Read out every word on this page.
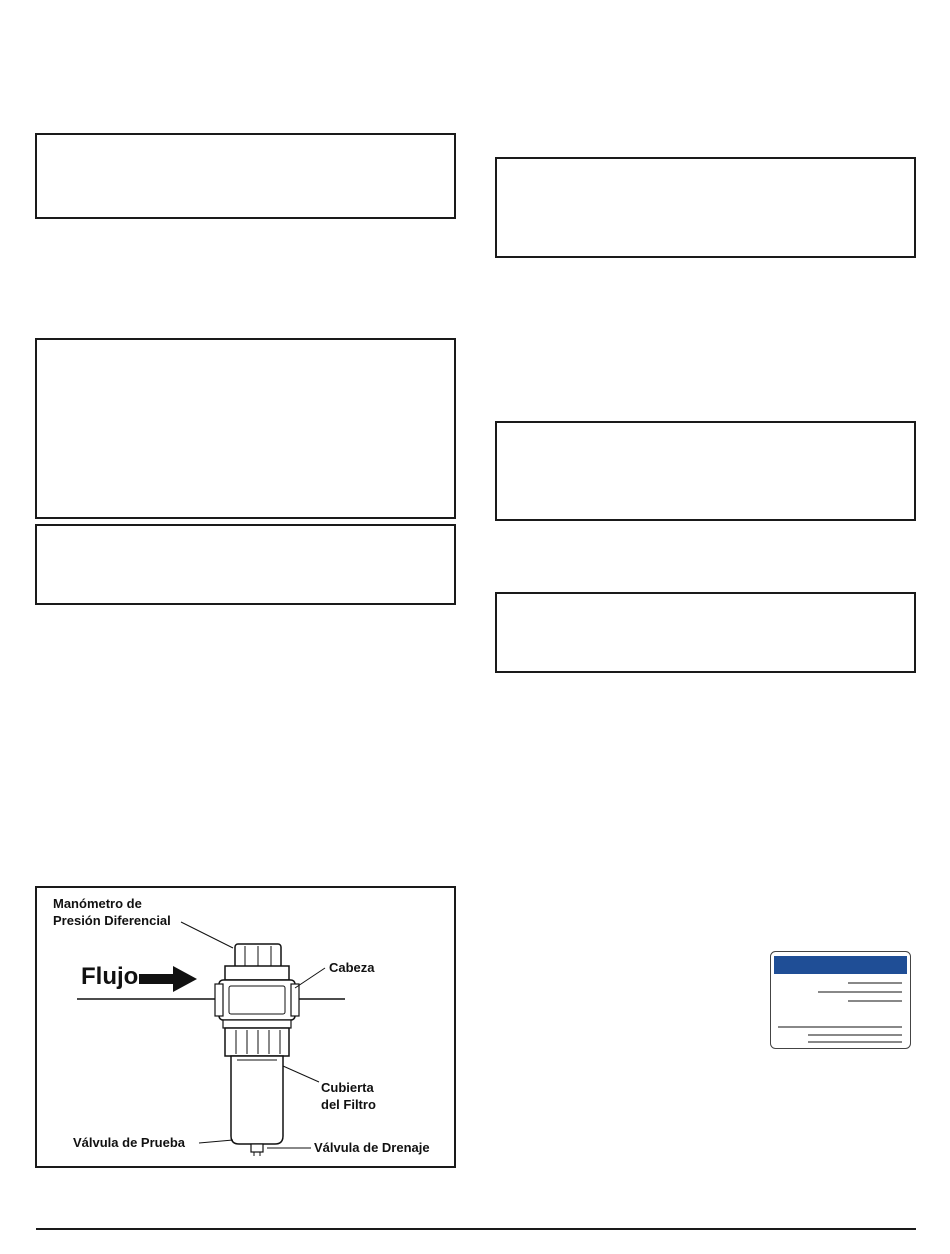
Manómetro de
Presión Diferencial
Flujo	Cabeza
Cubierta
del Filtro
Válvula de Prueba	Válvula de Drenaje
